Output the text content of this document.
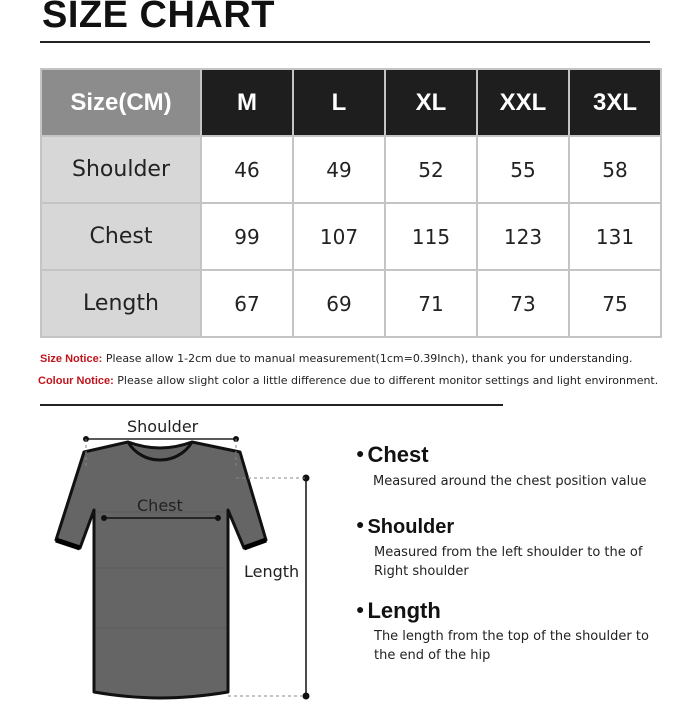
SIZE CHART
Size(CM)	M	L	XL	XXL	3XL
Shoulder	46	49	52	55	58
Chest	99	107	115	123	131
Length	67	69	71	73	75
Size Notice: Please allow 1-2cm due to manual measurement(1cm=0.39Inch), thank you for understanding.
Colour Notice: Please allow slight color a little difference due to different monitor settings and light environment.
Shoulder
Chest
Length
● Chest
Measured around the chest position value
● Shoulder
Measured from the left shoulder to the of Right shoulder
● Length
The length from the top of the shoulder to the end of the hip
